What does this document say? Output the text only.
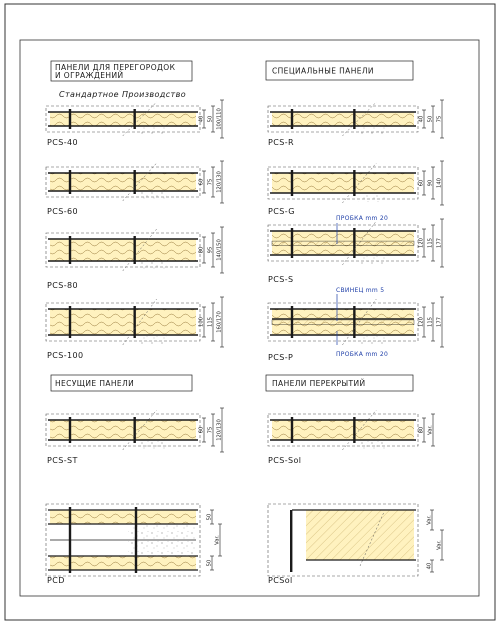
ПАНЕЛИ ДЛЯ ПЕРЕГОРОДОК
И ОГРАЖДЕНИЙ	СПЕЦИАЛЬНЫЕ ПАНЕЛИ
НЕСУЩИЕ ПАНЕЛИ	ПАНЕЛИ ПЕРЕКРЫТИЙ
Стандартное Производство
40 50 100/110
60 75 120/130
80 95 140/150
100 115 160/170
60 75 120/130
40 50 75
60 90 140
120 115 177
120 115 177
80 Var.
50
Var.
50
Var.
Var.
40
PCS-40
PCS-60
PCS-80
PCS-100
PCS-ST
PCD
PCS-R
PCS-G
PCS-S
PCS-P
PCS-Sol
PCSol
ПРОБКА mm 20
СВИНЕЦ mm 5
ПРОБКА mm 20
